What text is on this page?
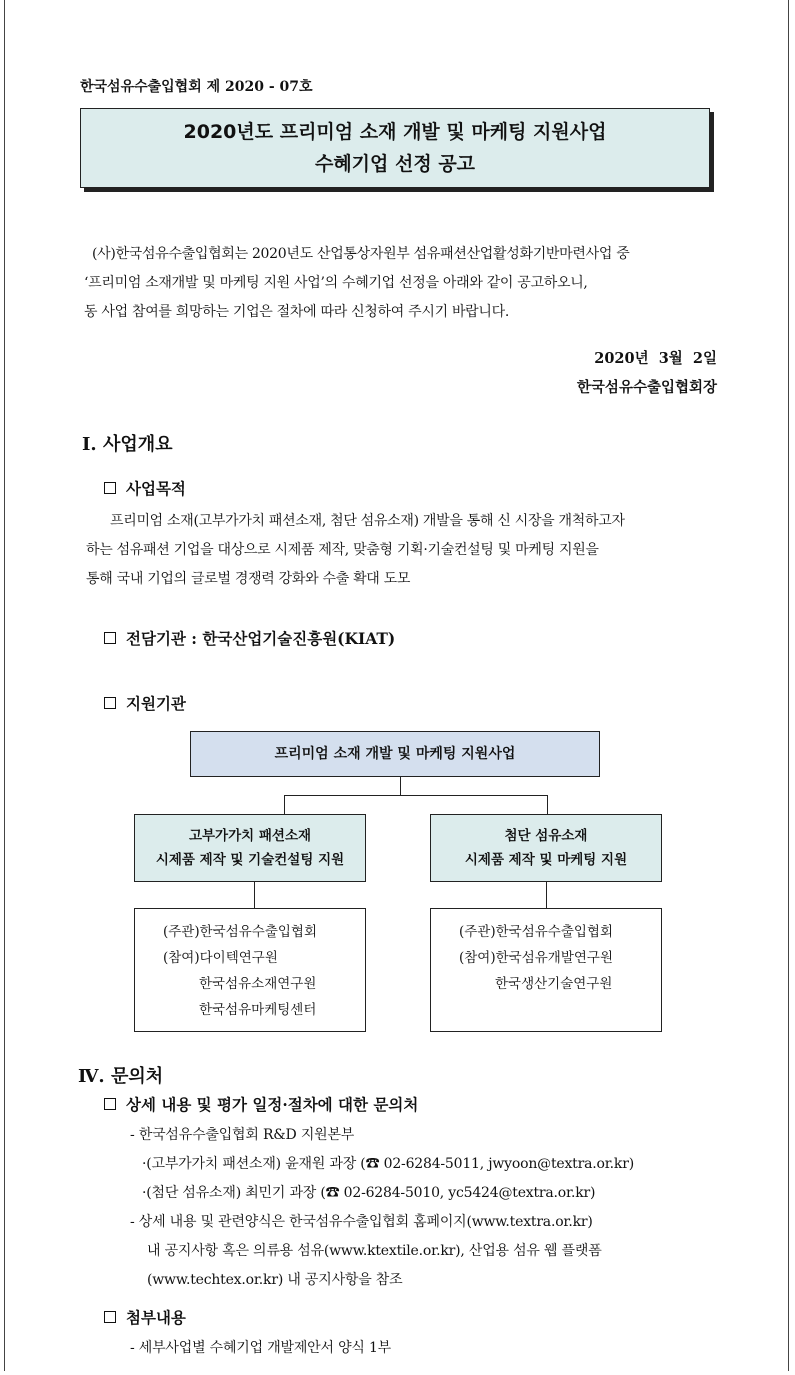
한국섬유수출입협회 제 2020 - 07호
2020년도 프리미엄 소재 개발 및 마케팅 지원사업
수혜기업 선정 공고
(사)한국섬유수출입협회는 2020년도 산업통상자원부 섬유패션산업활성화기반마련사업 중
‘프리미엄 소재개발 및 마케팅 지원 사업’의 수혜기업 선정을 아래와 같이 공고하오니,
동 사업 참여를 희망하는 기업은 절차에 따라 신청하여 주시기 바랍니다.
2020년  3월  2일
한국섬유수출입협회장
Ⅰ. 사업개요
사업목적
프리미엄 소재(고부가가치 패션소재, 첨단 섬유소재) 개발을 통해 신 시장을 개척하고자
하는 섬유패션 기업을 대상으로 시제품 제작, 맞춤형 기획·기술컨설팅 및 마케팅 지원을
통해 국내 기업의 글로벌 경쟁력 강화와 수출 확대 도모
전담기관 : 한국산업기술진흥원(KIAT)
지원기관
프리미엄 소재 개발 및 마케팅 지원사업
고부가가치 패션소재
시제품 제작 및 기술컨설팅 지원
첨단 섬유소재
시제품 제작 및 마케팅 지원
(주관)한국섬유수출입협회
(참여)다이텍연구원
한국섬유소재연구원
한국섬유마케팅센터
(주관)한국섬유수출입협회
(참여)한국섬유개발연구원
한국생산기술연구원
Ⅳ. 문의처
상세 내용 및 평가 일정·절차에 대한 문의처
- 한국섬유수출입협회 R&D 지원본부
·(고부가가치 패션소재) 윤재원 과장 (☎ 02-6284-5011, jwyoon@textra.or.kr)
·(첨단 섬유소재) 최민기 과장 (☎ 02-6284-5010, yc5424@textra.or.kr)
- 상세 내용 및 관련양식은 한국섬유수출입협회 홈페이지(www.textra.or.kr)
내 공지사항 혹은 의류용 섬유(www.ktextile.or.kr), 산업용 섬유 웹 플랫폼
(www.techtex.or.kr) 내 공지사항을 참조
첨부내용
- 세부사업별 수혜기업 개발제안서 양식 1부
